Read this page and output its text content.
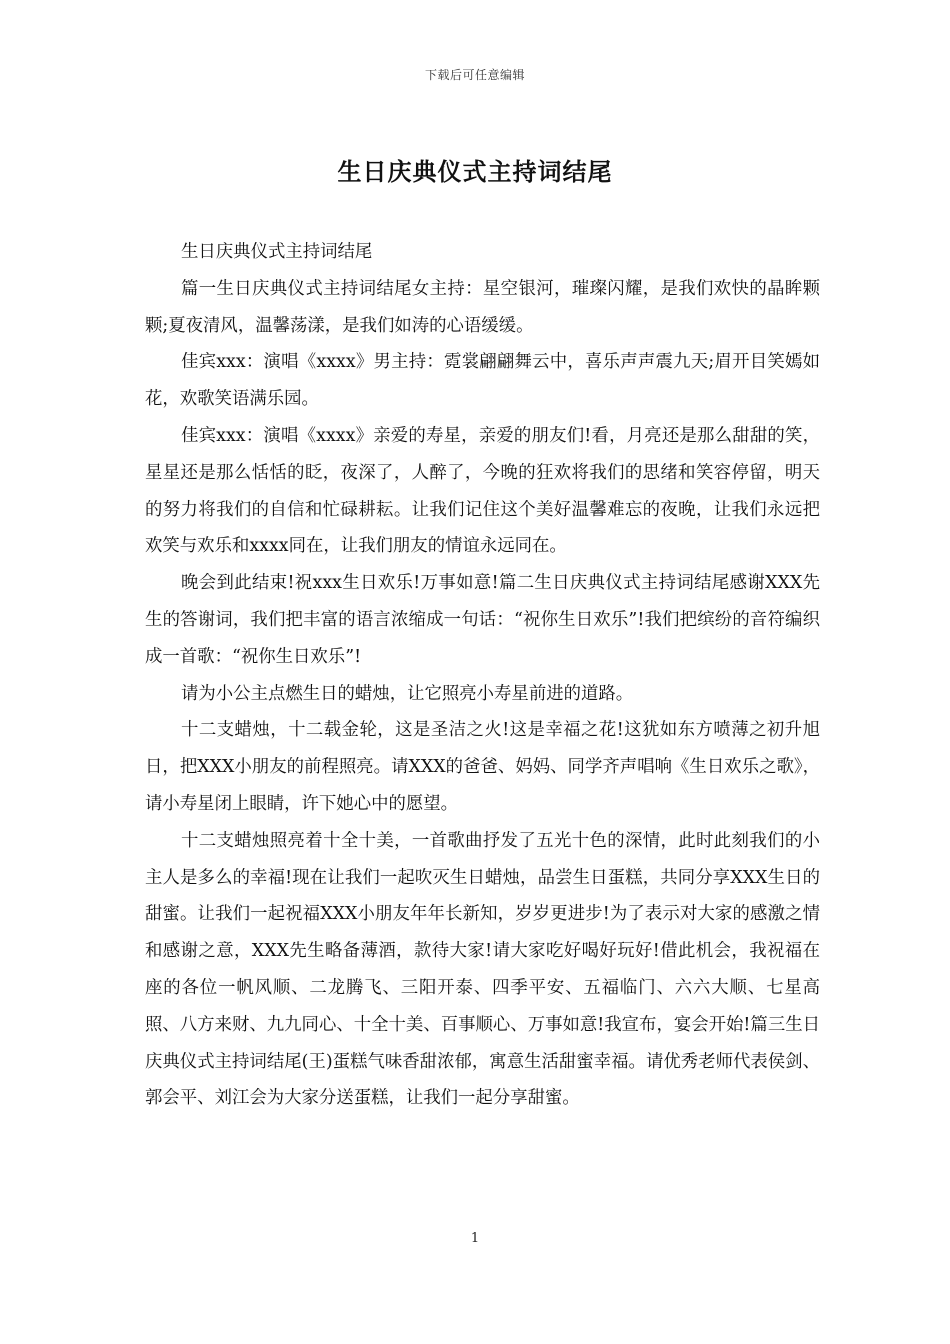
下载后可任意编辑
生日庆典仪式主持词结尾

生日庆典仪式主持词结尾

篇一生日庆典仪式主持词结尾女主持：星空银河，璀璨闪耀，是我们欢快的晶眸颗颗;夏夜清风，温馨荡漾，是我们如涛的心语缓缓。

佳宾xxx：演唱《xxxx》男主持：霓裳翩翩舞云中，喜乐声声震九天;眉开目笑嫣如花，欢歌笑语满乐园。

佳宾xxx：演唱《xxxx》亲爱的寿星，亲爱的朋友们!看，月亮还是那么甜甜的笑，星星还是那么恬恬的眨，夜深了，人醉了，今晚的狂欢将我们的思绪和笑容停留，明天的努力将我们的自信和忙碌耕耘。让我们记住这个美好温馨难忘的夜晚，让我们永远把欢笑与欢乐和xxxx同在，让我们朋友的情谊永远同在。

晚会到此结束!祝xxx生日欢乐!万事如意!篇二生日庆典仪式主持词结尾感谢XXX先生的答谢词，我们把丰富的语言浓缩成一句话：“祝你生日欢乐”!我们把缤纷的音符编织成一首歌：“祝你生日欢乐”!

请为小公主点燃生日的蜡烛，让它照亮小寿星前进的道路。

十二支蜡烛，十二载金轮，这是圣洁之火!这是幸福之花!这犹如东方喷薄之初升旭日，把XXX小朋友的前程照亮。请XXX的爸爸、妈妈、同学齐声唱响《生日欢乐之歌》，请小寿星闭上眼睛，许下她心中的愿望。

十二支蜡烛照亮着十全十美，一首歌曲抒发了五光十色的深情，此时此刻我们的小主人是多么的幸福!现在让我们一起吹灭生日蜡烛，品尝生日蛋糕，共同分享XXX生日的甜蜜。让我们一起祝福XXX小朋友年年长新知，岁岁更进步!为了表示对大家的感激之情和感谢之意，XXX先生略备薄酒，款待大家!请大家吃好喝好玩好!借此机会，我祝福在座的各位一帆风顺、二龙腾飞、三阳开泰、四季平安、五福临门、六六大顺、七星高照、八方来财、九九同心、十全十美、百事顺心、万事如意!我宣布，宴会开始!篇三生日庆典仪式主持词结尾(王)蛋糕气味香甜浓郁，寓意生活甜蜜幸福。请优秀老师代表侯剑、郭会平、刘江会为大家分送蛋糕，让我们一起分享甜蜜。

1
